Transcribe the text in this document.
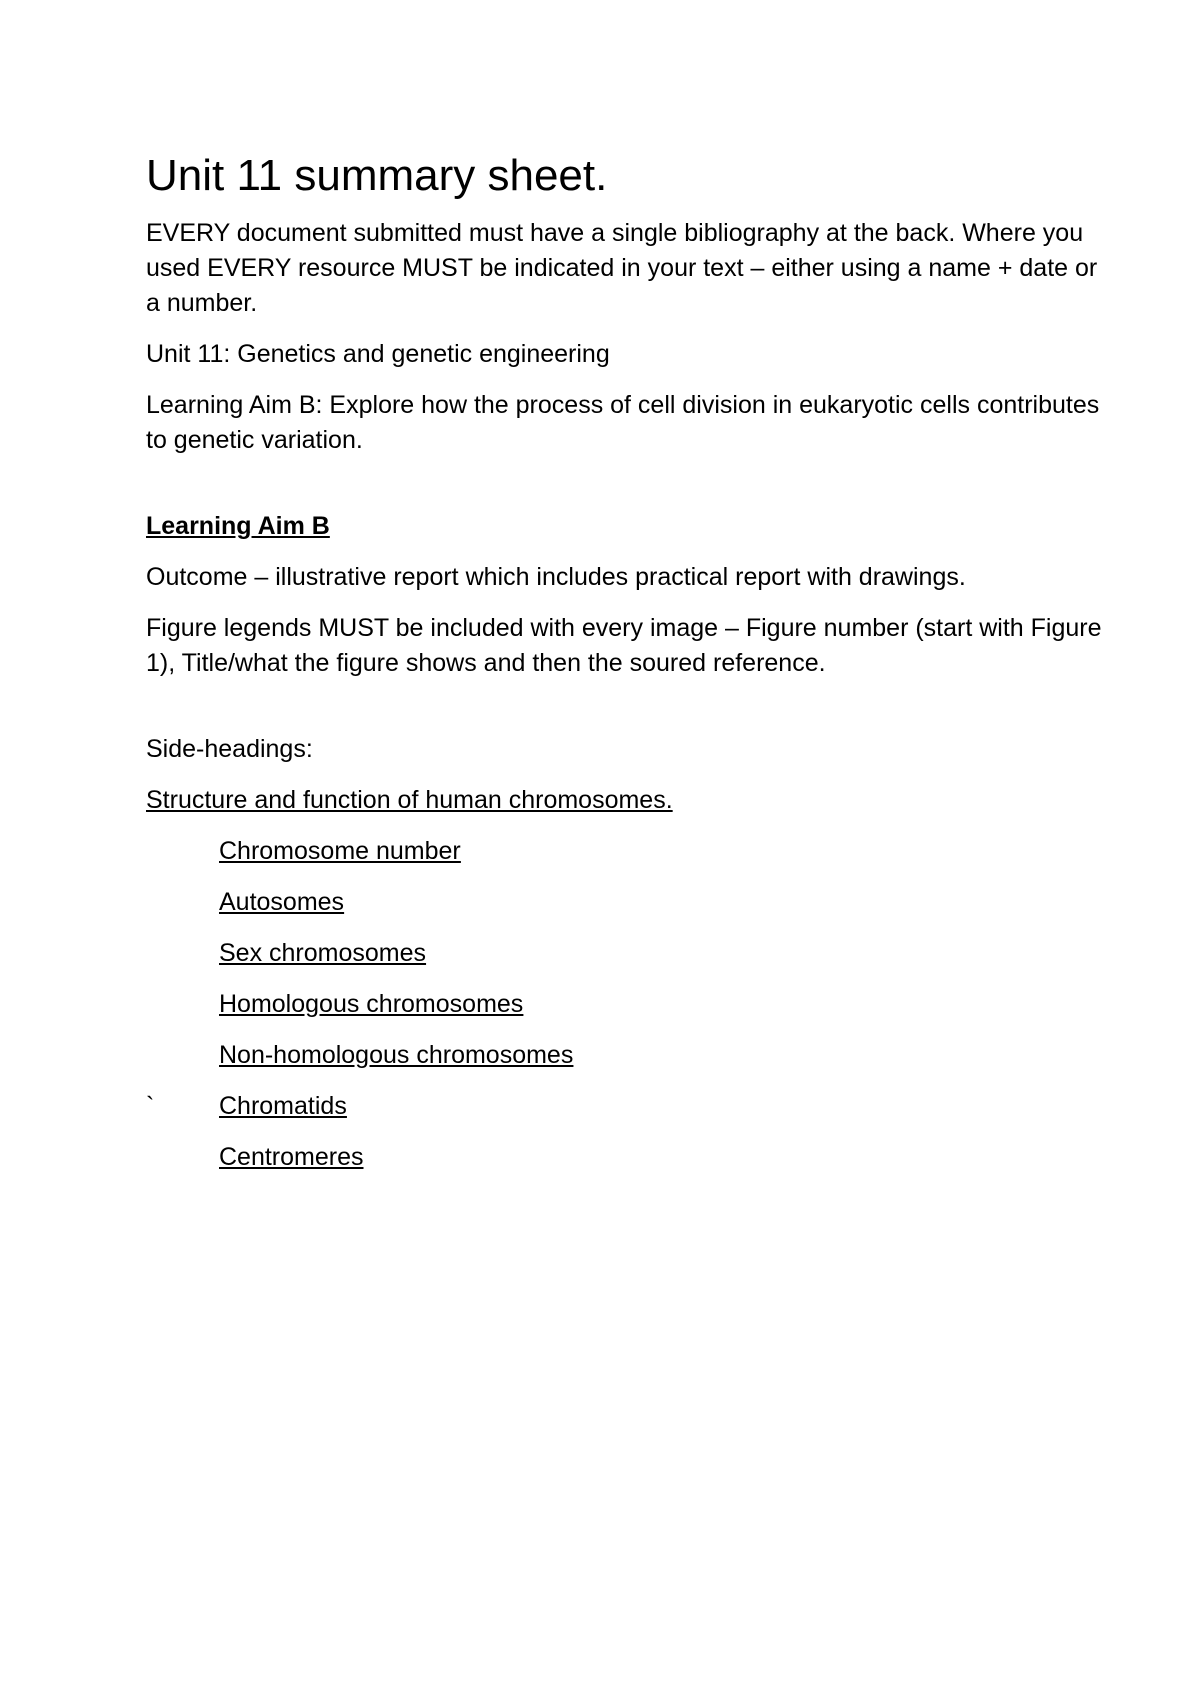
Unit 11 summary sheet.

EVERY document submitted must have a single bibliography at the back. Where you used EVERY resource MUST be indicated in your text – either using a name + date or a number.

Unit 11: Genetics and genetic engineering

Learning Aim B: Explore how the process of cell division in eukaryotic cells contributes to genetic variation.

Learning Aim B

Outcome – illustrative report which includes practical report with drawings.

Figure legends MUST be included with every image – Figure number (start with Figure 1), Title/what the figure shows and then the soured reference.

Side-headings:

Structure and function of human chromosomes.

Chromosome number
Autosomes
Sex chromosomes
Homologous chromosomes
Non-homologous chromosomes
`	Chromatids
Centromeres
